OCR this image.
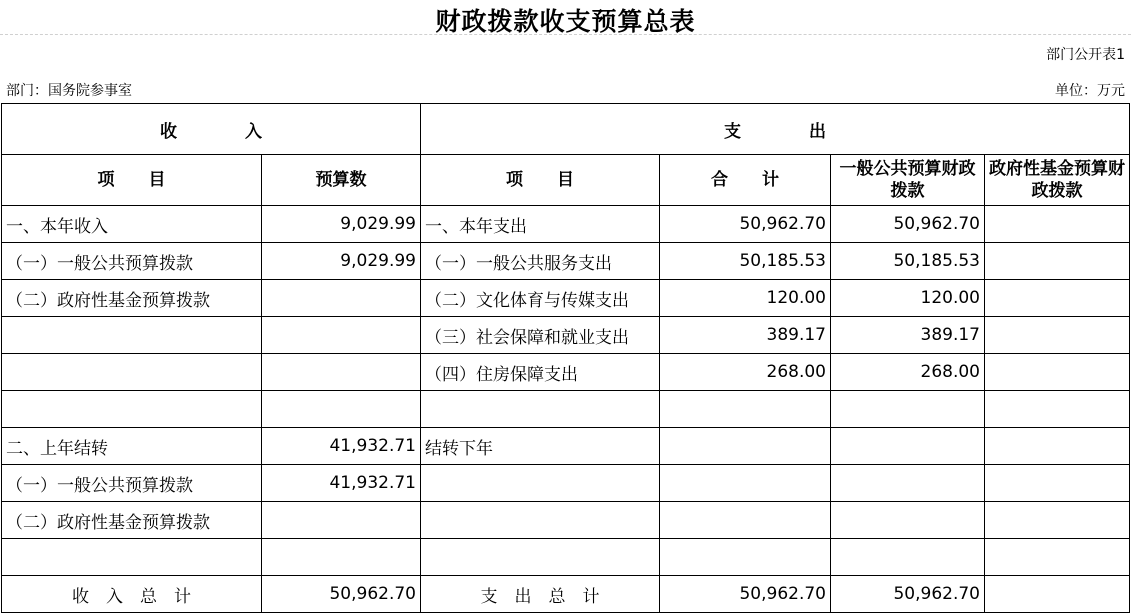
财政拨款收支预算总表
部门公开表1
部门：国务院参事室	单位：万元
收　　　　入		支　　　　出			
项　　目	预算数	项　　目	合　　计	一般公共预算财政拨款	政府性基金预算财政拨款
一、本年收入	9,029.99	一、本年支出	50,962.70	50,962.70	
（一）一般公共预算拨款	9,029.99	（一）一般公共服务支出	50,185.53	50,185.53	
（二）政府性基金预算拨款		（二）文化体育与传媒支出	120.00	120.00	
		（三）社会保障和就业支出	389.17	389.17	
		（四）住房保障支出	268.00	268.00	

二、上年结转	41,932.71	结转下年			
（一）一般公共预算拨款	41,932.71				
（二）政府性基金预算拨款					

收　入　总　计	50,962.70	支　出　总　计	50,962.70	50,962.70	
